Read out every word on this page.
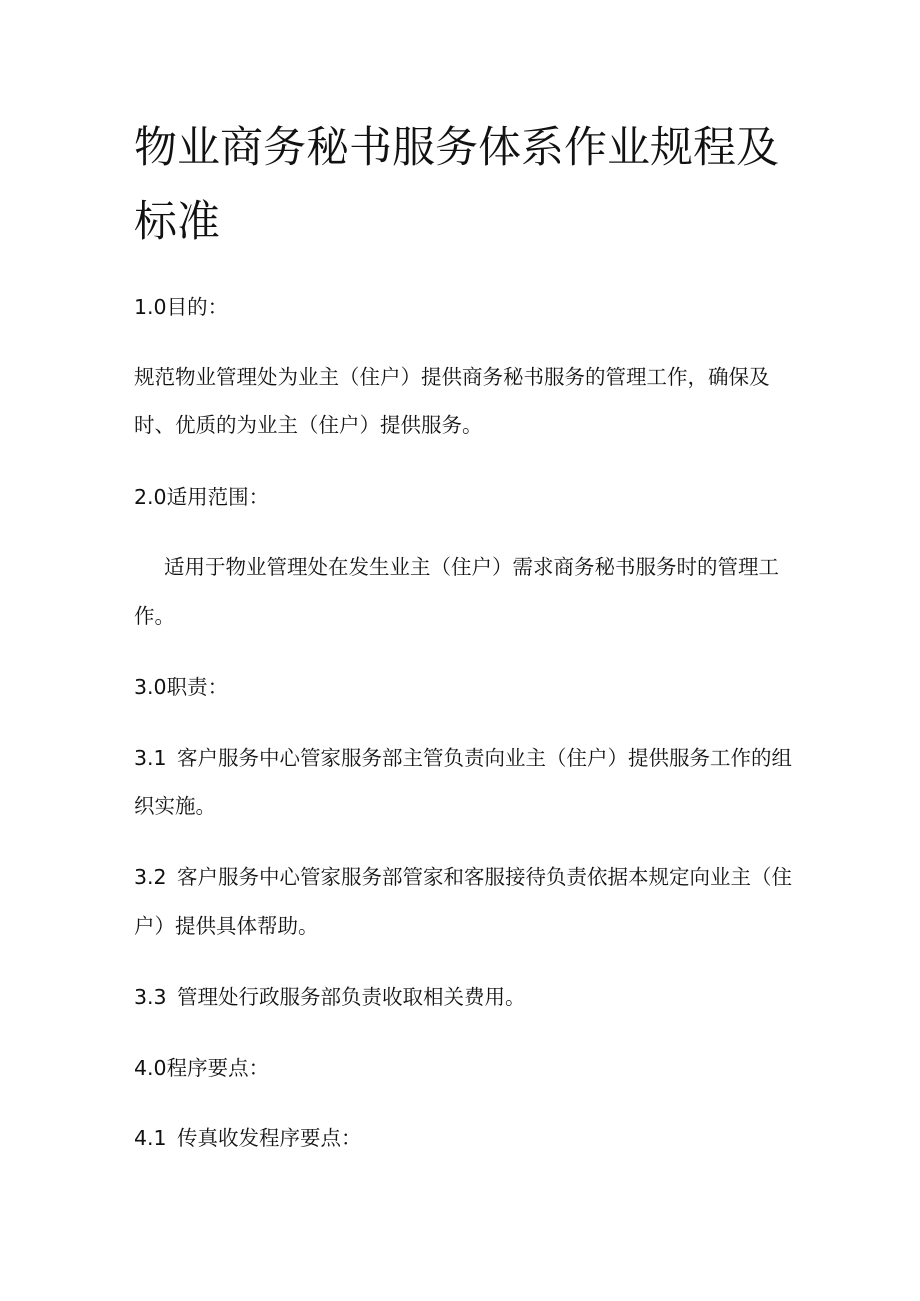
物业商务秘书服务体系作业规程及
标准

1.0目的：

规范物业管理处为业主（住户）提供商务秘书服务的管理工作，确保及

时、优质的为业主（住户）提供服务。

2.0适用范围：

适用于物业管理处在发生业主（住户）需求商务秘书服务时的管理工

作。

3.0职责：

3.1 客户服务中心管家服务部主管负责向业主（住户）提供服务工作的组

织实施。

3.2 客户服务中心管家服务部管家和客服接待负责依据本规定向业主（住

户）提供具体帮助。

3.3 管理处行政服务部负责收取相关费用。

4.0程序要点：

4.1 传真收发程序要点：
